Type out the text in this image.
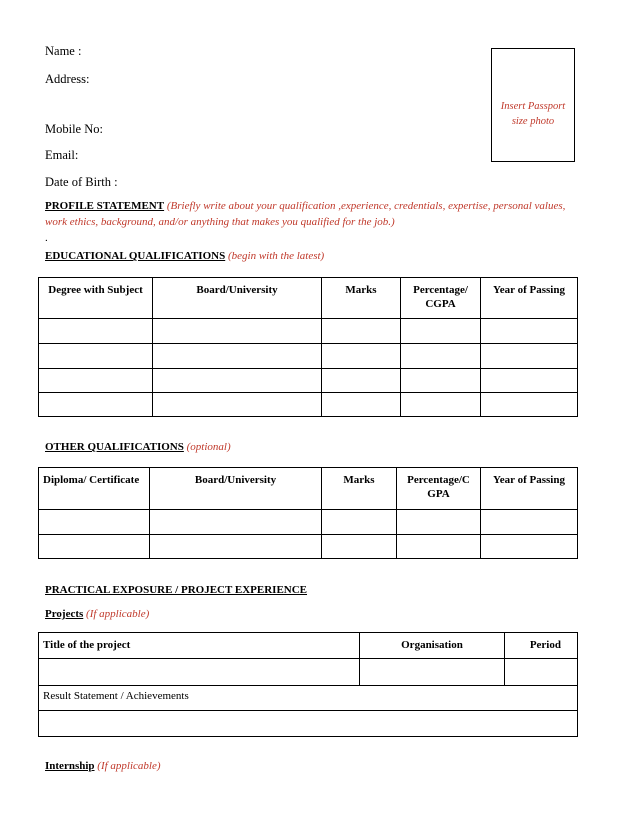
Name :
Address:
Mobile No:
Email:
Date of Birth :
Insert Passport
size photo
PROFILE STATEMENT (Briefly write about your qualification ,experience, credentials, expertise, personal values,
work ethics, background, and/or anything that makes you qualified for the job.)
.
EDUCATIONAL QUALIFICATIONS (begin with the latest)
Degree with Subject	Board/University	Marks	Percentage/ CGPA	Year of Passing

OTHER QUALIFICATIONS (optional)
Diploma/ Certificate	Board/University	Marks	Percentage/C GPA	Year of Passing

PRACTICAL EXPOSURE / PROJECT EXPERIENCE
Projects (If applicable)
Title of the project	Organisation	Period

Result Statement / Achievements		

Internship (If applicable)
